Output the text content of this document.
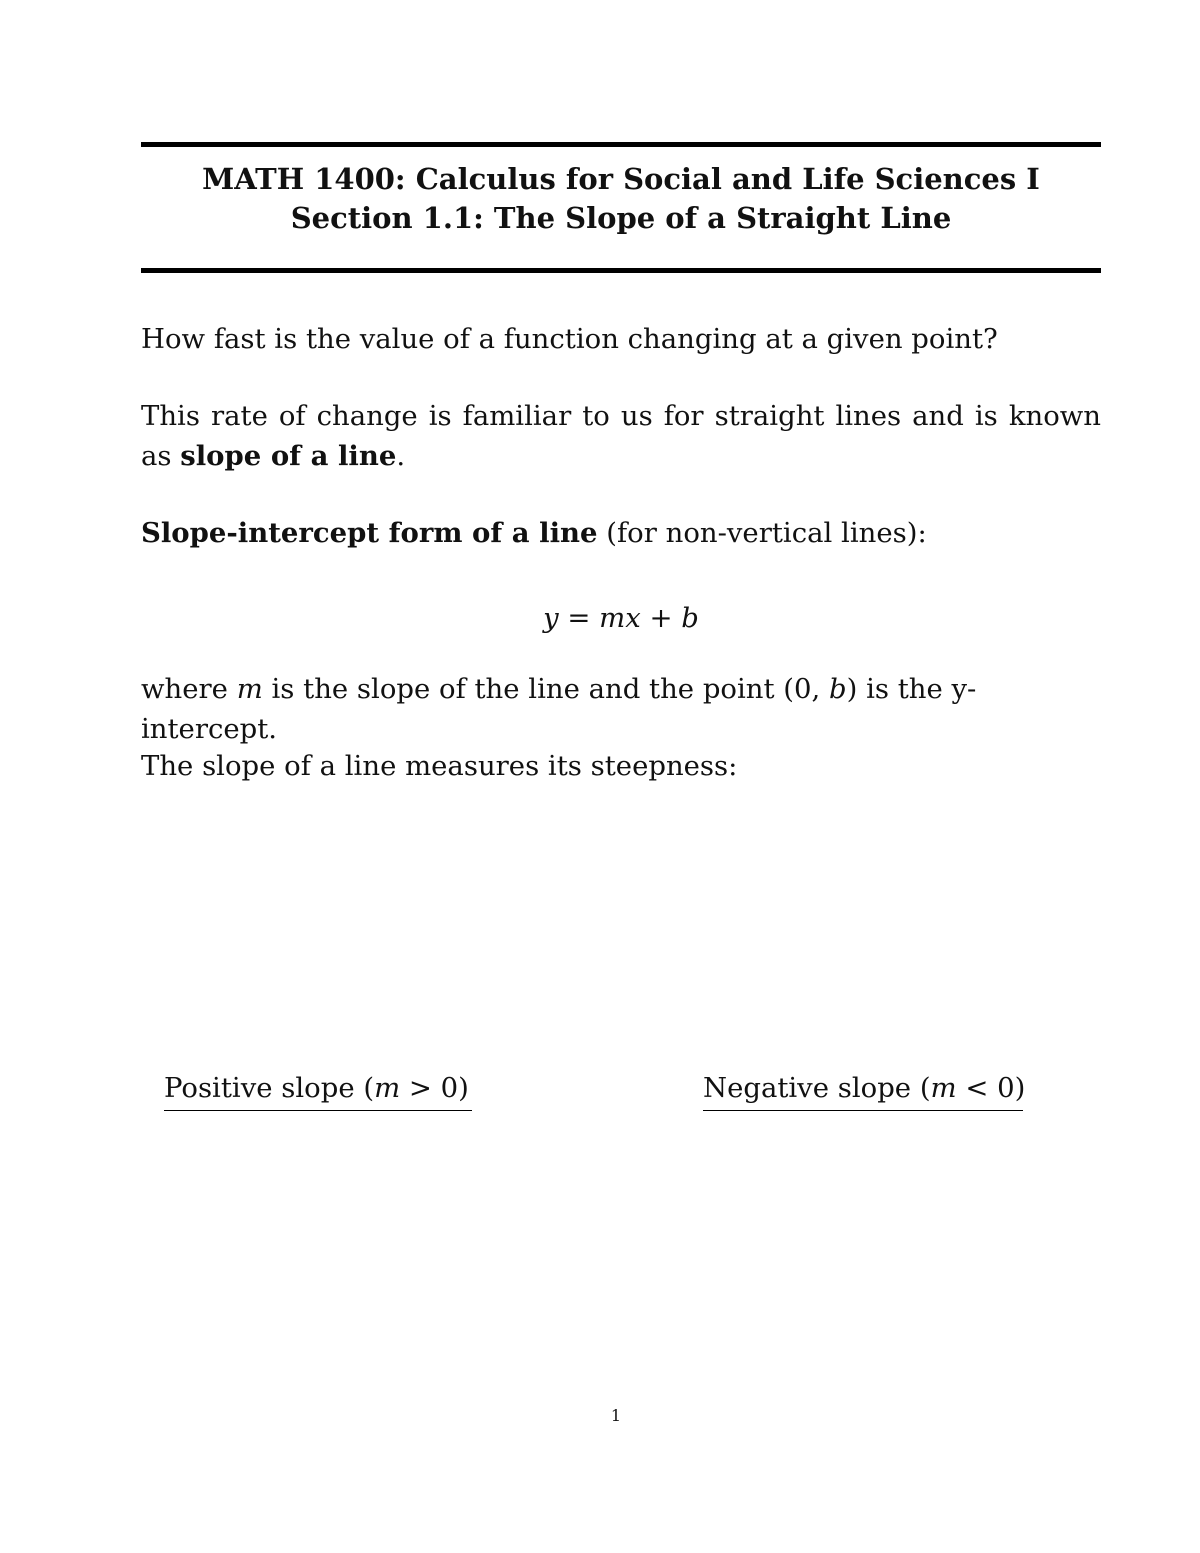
MATH 1400: Calculus for Social and Life Sciences I
Section 1.1: The Slope of a Straight Line
How fast is the value of a function changing at a given point?
This rate of change is familiar to us for straight lines and is known as slope of a line.
Slope-intercept form of a line (for non-vertical lines):
y = mx + b
where m is the slope of the line and the point (0, b) is the y-intercept.
The slope of a line measures its steepness:
Positive slope (m > 0)	Negative slope (m < 0)
1
